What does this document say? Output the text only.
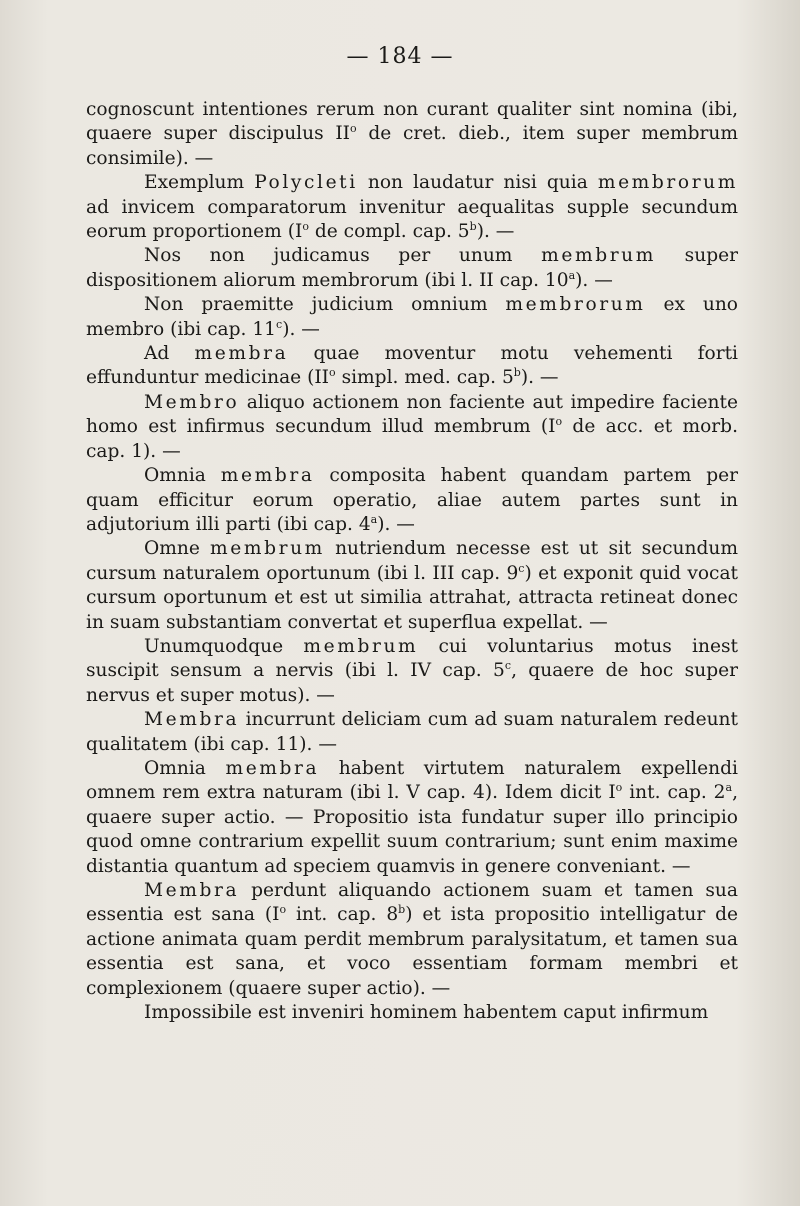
— 184 —

cognoscunt intentiones rerum non curant qualiter sint nomina (ibi, quaere super discipulus $II^o$ de cret. dieb., item super membrum consimile). —

Exemplum Polycleti non laudatur nisi quia membrorum ad invicem comparatorum invenitur aequalitas supple secundum eorum proportionem ($I^o$ de compl. cap. 5$^b$). —

Nos non judicamus per unum membrum super dispositionem aliorum membrorum (ibi l. II cap. 10$^a$). —

Non praemitte judicium omnium membrorum ex uno membro (ibi cap. 11$^c$). —

Ad membra quae moventur motu vehementi forti effunduntur medicinae ($II^o$ simpl. med. cap. 5$^b$). —

Membro aliquo actionem non faciente aut impedire faciente homo est infirmus secundum illud membrum ($I^o$ de acc. et morb. cap. 1). —

Omnia membra composita habent quandam partem per quam efficitur eorum operatio, aliae autem partes sunt in adjutorium illi parti (ibi cap. 4$^a$). —

Omne membrum nutriendum necesse est ut sit secundum cursum naturalem oportunum (ibi l. III cap. 9$^c$) et exponit quid vocat cursum oportunum et est ut similia attrahat, attracta retineat donec in suam substantiam convertat et superflua expellat. —

Unumquodque membrum cui voluntarius motus inest suscipit sensum a nervis (ibi l. IV cap. 5$^c$, quaere de hoc super nervus et super motus). —

Membra incurrunt deliciam cum ad suam naturalem redeunt qualitatem (ibi cap. 11). —

Omnia membra habent virtutem naturalem expellendi omnem rem extra naturam (ibi l. V cap. 4). Idem dicit $I^o$ int. cap. 2$^a$, quaere super actio. — Propositio ista fundatur super illo principio quod omne contrarium expellit suum contrarium; sunt enim maxime distantia quantum ad speciem quamvis in genere conveniant. —

Membra perdunt aliquando actionem suam et tamen sua essentia est sana ($I^o$ int. cap. 8$^b$) et ista propositio intelligatur de actione animata quam perdit membrum paralysitatum, et tamen sua essentia est sana, et voco essentiam formam membri et complexionem (quaere super actio). —

Impossibile est inveniri hominem habentem caput infirmum
